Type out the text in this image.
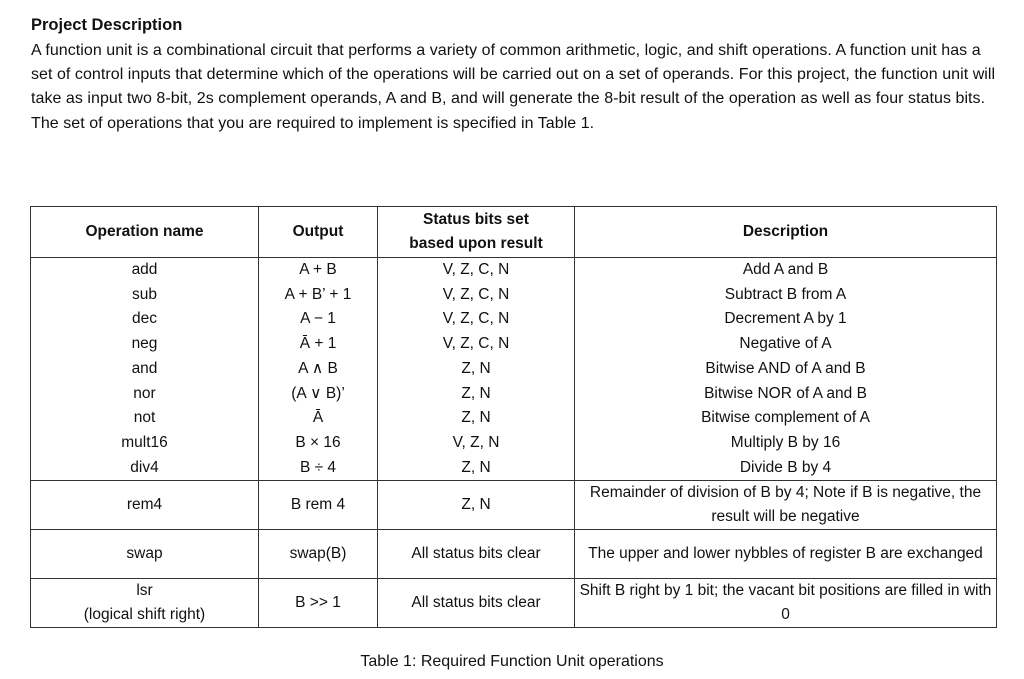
Project Description
A function unit is a combinational circuit that performs a variety of common arithmetic, logic, and shift operations. A function unit has a set of control inputs that determine which of the operations will be carried out on a set of operands. For this project, the function unit will take as input two 8-bit, 2s complement operands, A and B, and will generate the 8-bit result of the operation as well as four status bits. The set of operations that you are required to implement is specified in Table 1.
Operation name	Output	Status bits set
based upon result	Description
add	A + B	V, Z, C, N	Add A and B
sub	A + B’ + 1	V, Z, C, N	Subtract B from A
dec	A − 1	V, Z, C, N	Decrement A by 1
neg	Ā + 1	V, Z, C, N	Negative of A
and	A ∧ B	Z, N	Bitwise AND of A and B
nor	(A ∨ B)’	Z, N	Bitwise NOR of A and B
not	Ā	Z, N	Bitwise complement of A
mult16	B × 16	V, Z, N	Multiply B by 16
div4	B ÷ 4	Z, N	Divide B by 4
rem4	B rem 4	Z, N	Remainder of division of B by 4; Note if B is negative, the result will be negative
swap	swap(B)	All status bits clear	The upper and lower nybbles of register B are exchanged

lsr
(logical shift right)	B >> 1	All status bits clear	Shift B right by 1 bit; the vacant bit positions are filled in with 0
Table 1: Required Function Unit operations
